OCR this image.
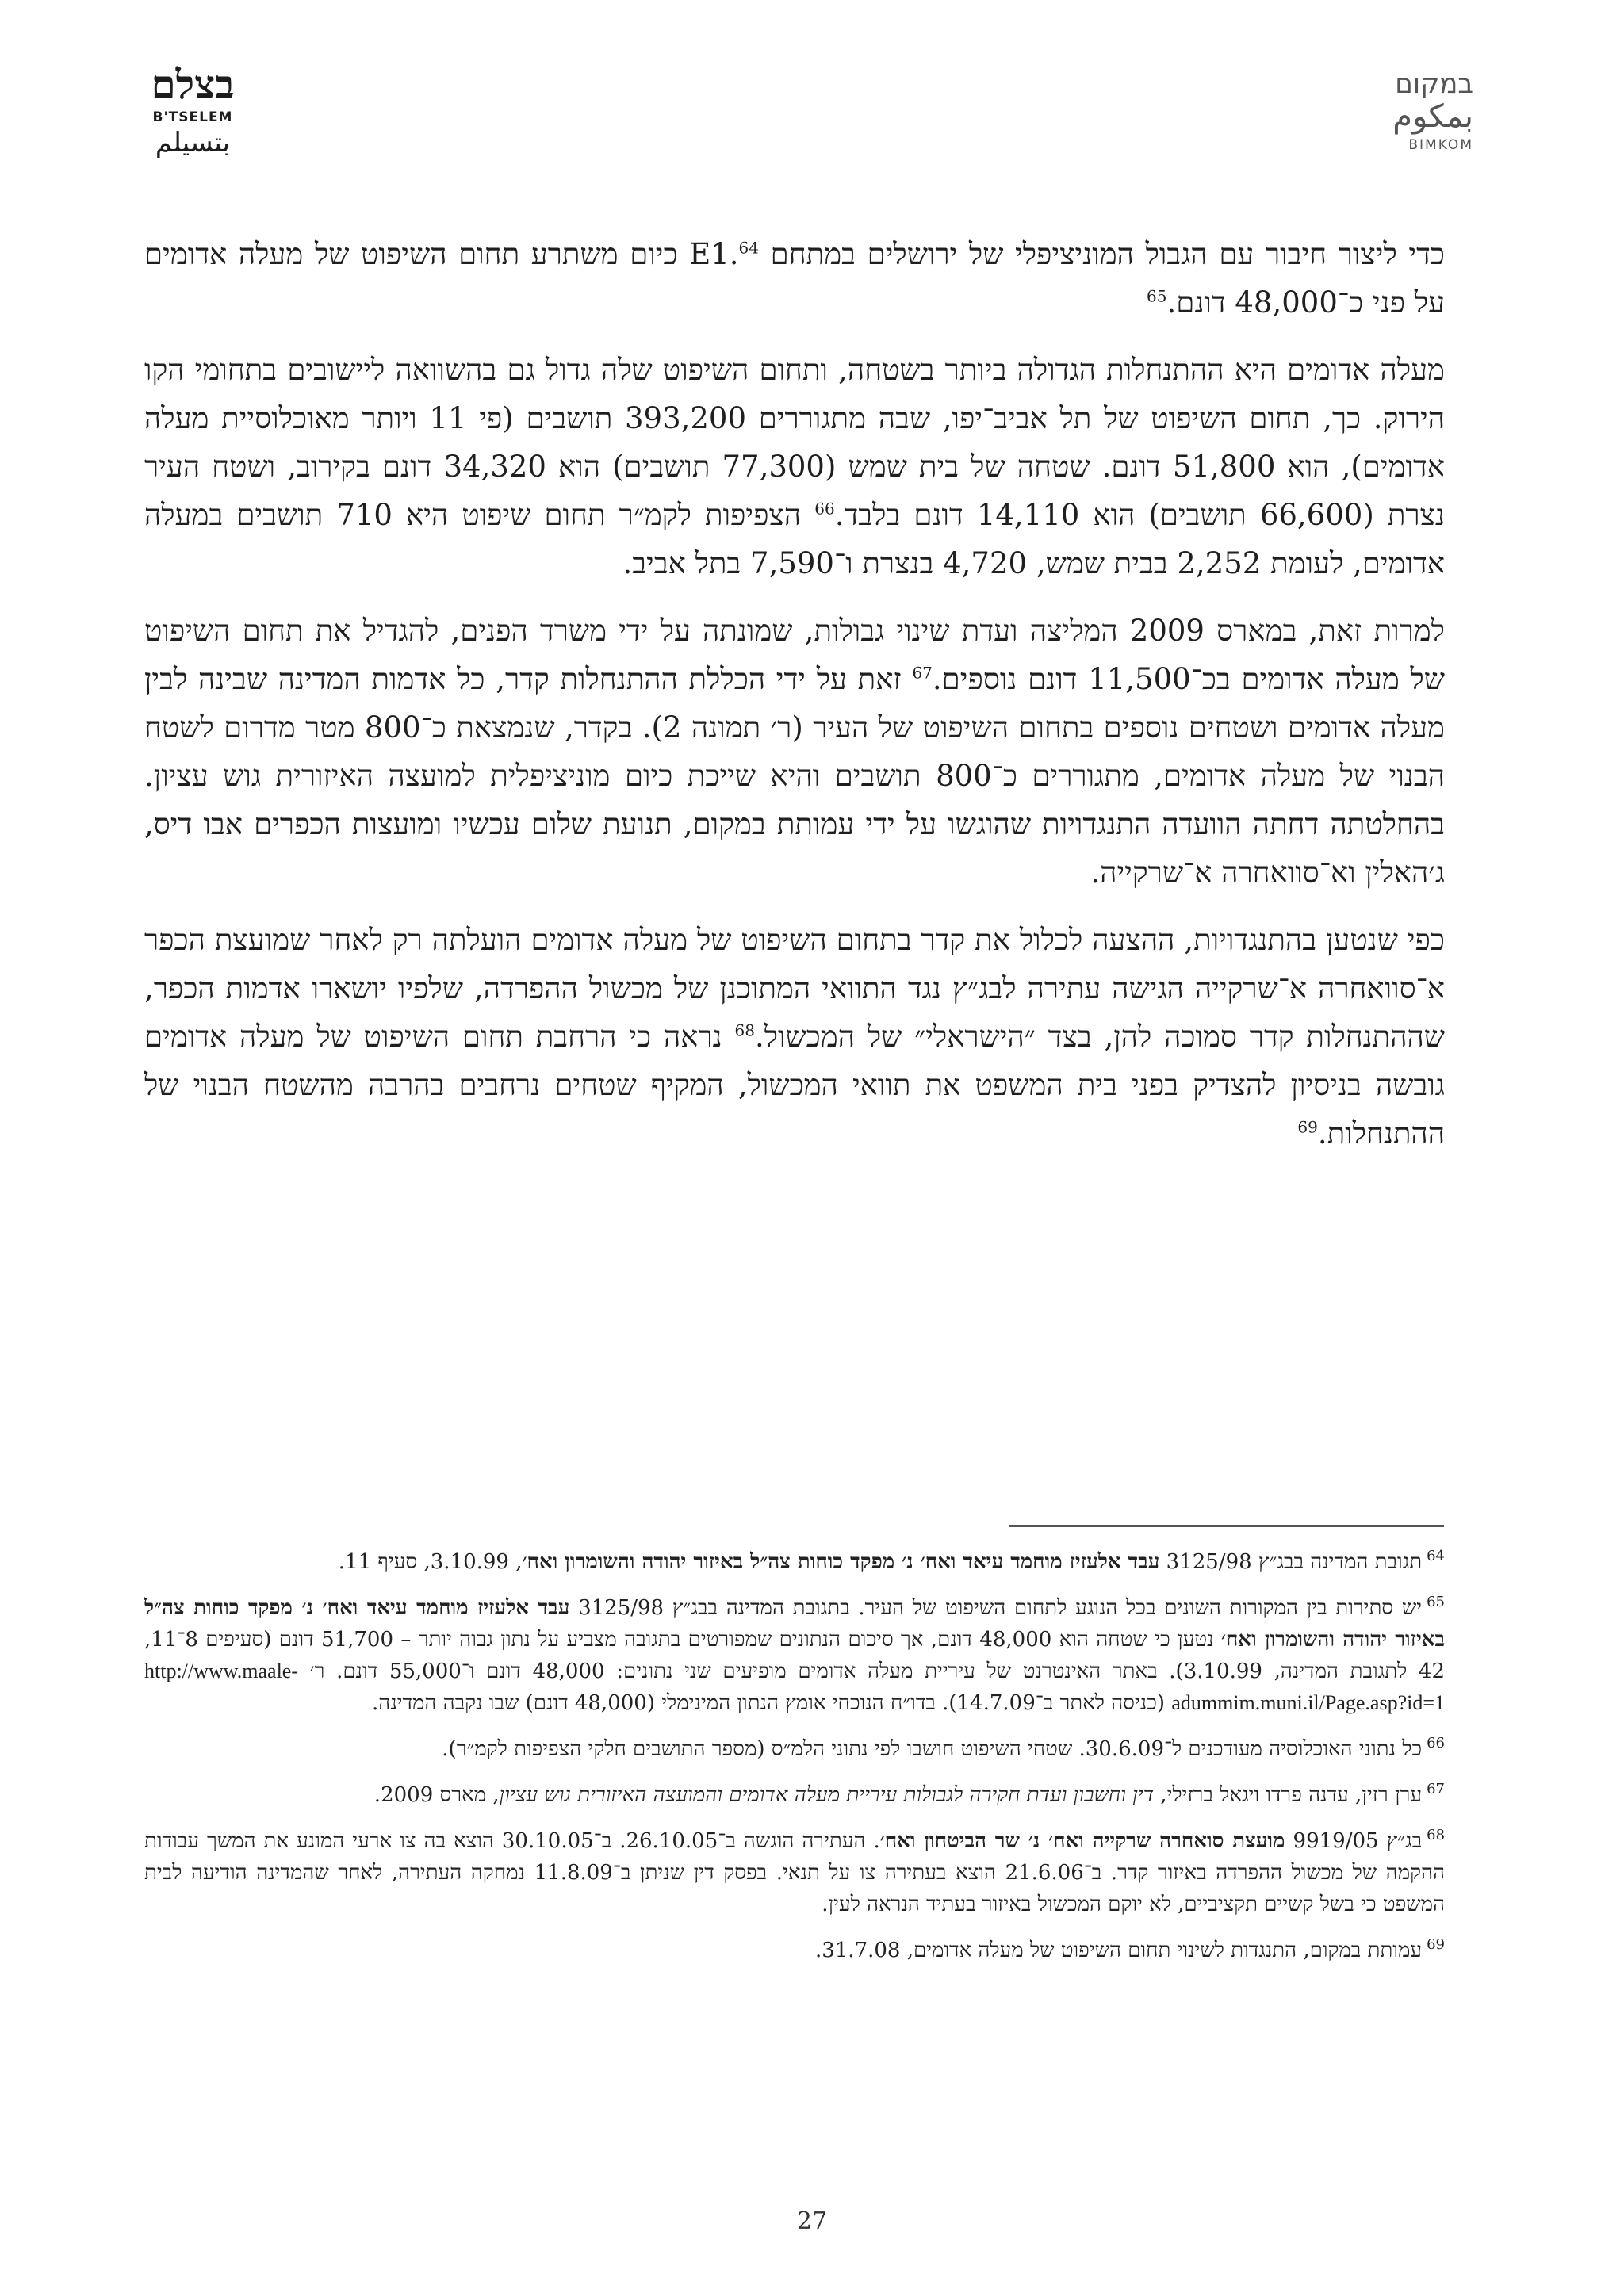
בצלם
B'TSELEM
بتسيلم
במקום
بمكوم
BIMKOM

כדי ליצור חיבור עם הגבול המוניציפלי של ירושלים במתחם E1.64 כיום משתרע תחום השיפוט של מעלה אדומים על פני כ־48,000 דונם.$^{65}$

מעלה אדומים היא ההתנחלות הגדולה ביותר בשטחה, ותחום השיפוט שלה גדול גם בהשוואה ליישובים בתחומי הקו הירוק. כך, תחום השיפוט של תל אביב־יפו, שבה מתגוררים 393,200 תושבים (פי 11 ויותר מאוכלוסיית מעלה אדומים), הוא 51,800 דונם. שטחה של בית שמש (77,300 תושבים) הוא 34,320 דונם בקירוב, ושטח העיר נצרת (66,600 תושבים) הוא 14,110 דונם בלבד.$^{66}$ הצפיפות לקמ״ר תחום שיפוט היא 710 תושבים במעלה אדומים, לעומת 2,252 בבית שמש, 4,720 בנצרת ו־7,590 בתל אביב.

למרות זאת, במארס 2009 המליצה ועדת שינוי גבולות, שמונתה על ידי משרד הפנים, להגדיל את תחום השיפוט של מעלה אדומים בכ־11,500 דונם נוספים.$^{67}$ זאת על ידי הכללת ההתנחלות קדר, כל אדמות המדינה שבינה לבין מעלה אדומים ושטחים נוספים בתחום השיפוט של העיר (ר׳ תמונה 2). בקדר, שנמצאת כ־800 מטר מדרום לשטח הבנוי של מעלה אדומים, מתגוררים כ־800 תושבים והיא שייכת כיום מוניציפלית למועצה האיזורית גוש עציון. בהחלטתה דחתה הוועדה התנגדויות שהוגשו על ידי עמותת במקום, תנועת שלום עכשיו ומועצות הכפרים אבו דיס, ג׳האלין וא־סוואחרה א־שרקייה.

כפי שנטען בהתנגדויות, ההצעה לכלול את קדר בתחום השיפוט של מעלה אדומים הועלתה רק לאחר שמועצת הכפר א־סוואחרה א־שרקייה הגישה עתירה לבג״ץ נגד התוואי המתוכנן של מכשול ההפרדה, שלפיו יושארו אדמות הכפר, שההתנחלות קדר סמוכה להן, בצד ״הישראלי״ של המכשול.$^{68}$ נראה כי הרחבת תחום השיפוט של מעלה אדומים גובשה בניסיון להצדיק בפני בית המשפט את תוואי המכשול, המקיף שטחים נרחבים בהרבה מהשטח הבנוי של ההתנחלות.$^{69}$

$^{64}$תגובת המדינה בבג״ץ 3125/98 עבד אלעזיז מוחמד עיאד ואח׳ נ׳ מפקד כוחות צה״ל באיזור יהודה והשומרון ואח׳, 3.10.99, סעיף 11.
$^{65}$יש סתירות בין המקורות השונים בכל הנוגע לתחום השיפוט של העיר. בתגובת המדינה בבג״ץ 3125/98 עבד אלעזיז מוחמד עיאד ואח׳ נ׳ מפקד כוחות צה״ל באיזור יהודה והשומרון ואח׳ נטען כי שטחה הוא 48,000 דונם, אך סיכום הנתונים שמפורטים בתגובה מצביע על נתון גבוה יותר – 51,700 דונם (סעיפים 8־11, 42 לתגובת המדינה, 3.10.99). באתר האינטרנט של עיריית מעלה אדומים מופיעים שני נתונים: 48,000 דונם ו־55,000 דונם. ר׳ http://www.maale-adummim.muni.il/Page.asp?id=1 (כניסה לאתר ב־14.7.09). בדו״ח הנוכחי אומץ הנתון המינימלי (48,000 דונם) שבו נקבה המדינה.
$^{66}$כל נתוני האוכלוסיה מעודכנים ל־30.6.09. שטחי השיפוט חושבו לפי נתוני הלמ״ס (מספר התושבים חלקי הצפיפות לקמ״ר).
$^{67}$ערן רזין, עדנה פרדו ויגאל ברזילי, דין וחשבון ועדת חקירה לגבולות עיריית מעלה אדומים והמועצה האיזורית גוש עציון, מארס 2009.
$^{68}$בג״ץ 9919/05 מועצת סואחרה שרקייה ואח׳ נ׳ שר הביטחון ואח׳. העתירה הוגשה ב־26.10.05. ב־30.10.05 הוצא בה צו ארעי המונע את המשך עבודות ההקמה של מכשול ההפרדה באיזור קדר. ב־21.6.06 הוצא בעתירה צו על תנאי. בפסק דין שניתן ב־11.8.09 נמחקה העתירה, לאחר שהמדינה הודיעה לבית המשפט כי בשל קשיים תקציביים, לא יוקם המכשול באיזור בעתיד הנראה לעין.
$^{69}$עמותת במקום, התנגדות לשינוי תחום השיפוט של מעלה אדומים, 31.7.08.
27
